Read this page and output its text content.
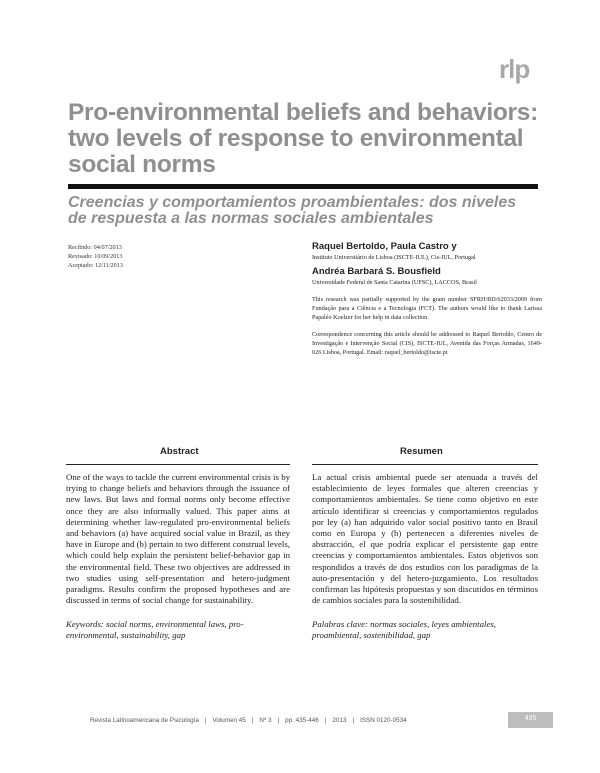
rlp
Pro-environmental beliefs and behaviors: two levels of response to environmental social norms
Creencias y comportamientos proambientales: dos niveles de respuesta a las normas sociales ambientales
Recibido: 04/07/2013
Revisado: 10/09/2013
Aceptado: 12/11/2013
Raquel Bertoldo, Paula Castro y
Instituto Universitário de Lisboa (ISCTE-IUL), Cis-IUL, Portugal
Andréa Barbará S. Bousfield
Universidade Federal de Santa Catarina (UFSC), LACCOS, Brasil
This research was partially supported by the grant number SFRH/BD/62033/2009 from Fundação para a Ciência e a Tecnologia (FCT). The authors would like to thank Larissa Papaléo Koelzer for her help in data collection.
Correspondence concerning this article should be addressed to Raquel Bertoldo, Centro de Investigação e Intervenção Social (CIS), ISCTE-IUL, Avenida das Forças Armadas, 1649-026 Lisboa, Portugal. Email: raquel_bertoldo@iscte.pt
Abstract	Resumen
One of the ways to tackle the current environmental crisis is by trying to change beliefs and behaviors through the issuance of new laws. But laws and formal norms only become effective once they are also informally valued. This paper aims at determining whether law-regulated pro-environmental beliefs and behaviors (a) have acquired social value in Brazil, as they have in Europe and (b) pertain to two different construal levels, which could help explain the persistent belief-behavior gap in the environmental field. These two objectives are addressed in two studies using self-presentation and hetero-judgment paradigms. Results confirm the proposed hypotheses and are discussed in terms of social change for sustainability.
La actual crisis ambiental puede ser atenuada a través del establecimiento de leyes formales que alteren creencias y comportamientos ambientales. Se tiene como objetivo en este artículo identificar si creencias y comportamientos regulados por ley (a) han adquirido valor social positivo tanto en Brasil como en Europa y (b) pertenecen a diferentes niveles de abstracción, el que podría explicar el persistente gap entre creencias y comportamientos ambientales. Estos objetivos son respondidos a través de dos estudios con los paradigmas de la auto-presentación y del hetero-juzgamiento. Los resultados confirman las hipótesis propuestas y son discutidos en términos de cambios sociales para la sostenibilidad.
Keywords: social norms, environmental laws, pro-environmental, sustainability, gap
Palabras clave: normas sociales, leyes ambientales, proambiental, sostenibilidad, gap
Revista Latinoamericana de Psicología | Volumen 45 | Nº 3 | pp. 435-446 | 2013 | ISSN 0120-0534	435
